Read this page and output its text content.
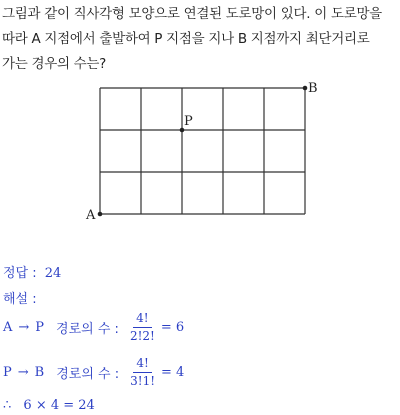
그림과 같이 직사각형 모양으로 연결된 도로망이 있다. 이 도로망을
따라 A 지점에서 출발하여 P 지점을 지나 B 지점까지 최단거리로
가는 경우의 수는?
A
P
B
정답 : 24
해설 :
A → P 경로의 수 : $\frac{4!}{2!2!} = 6$
P → B 경로의 수 : $\frac{4!}{3!1!} = 4$
∴ 6 × 4 = 24
